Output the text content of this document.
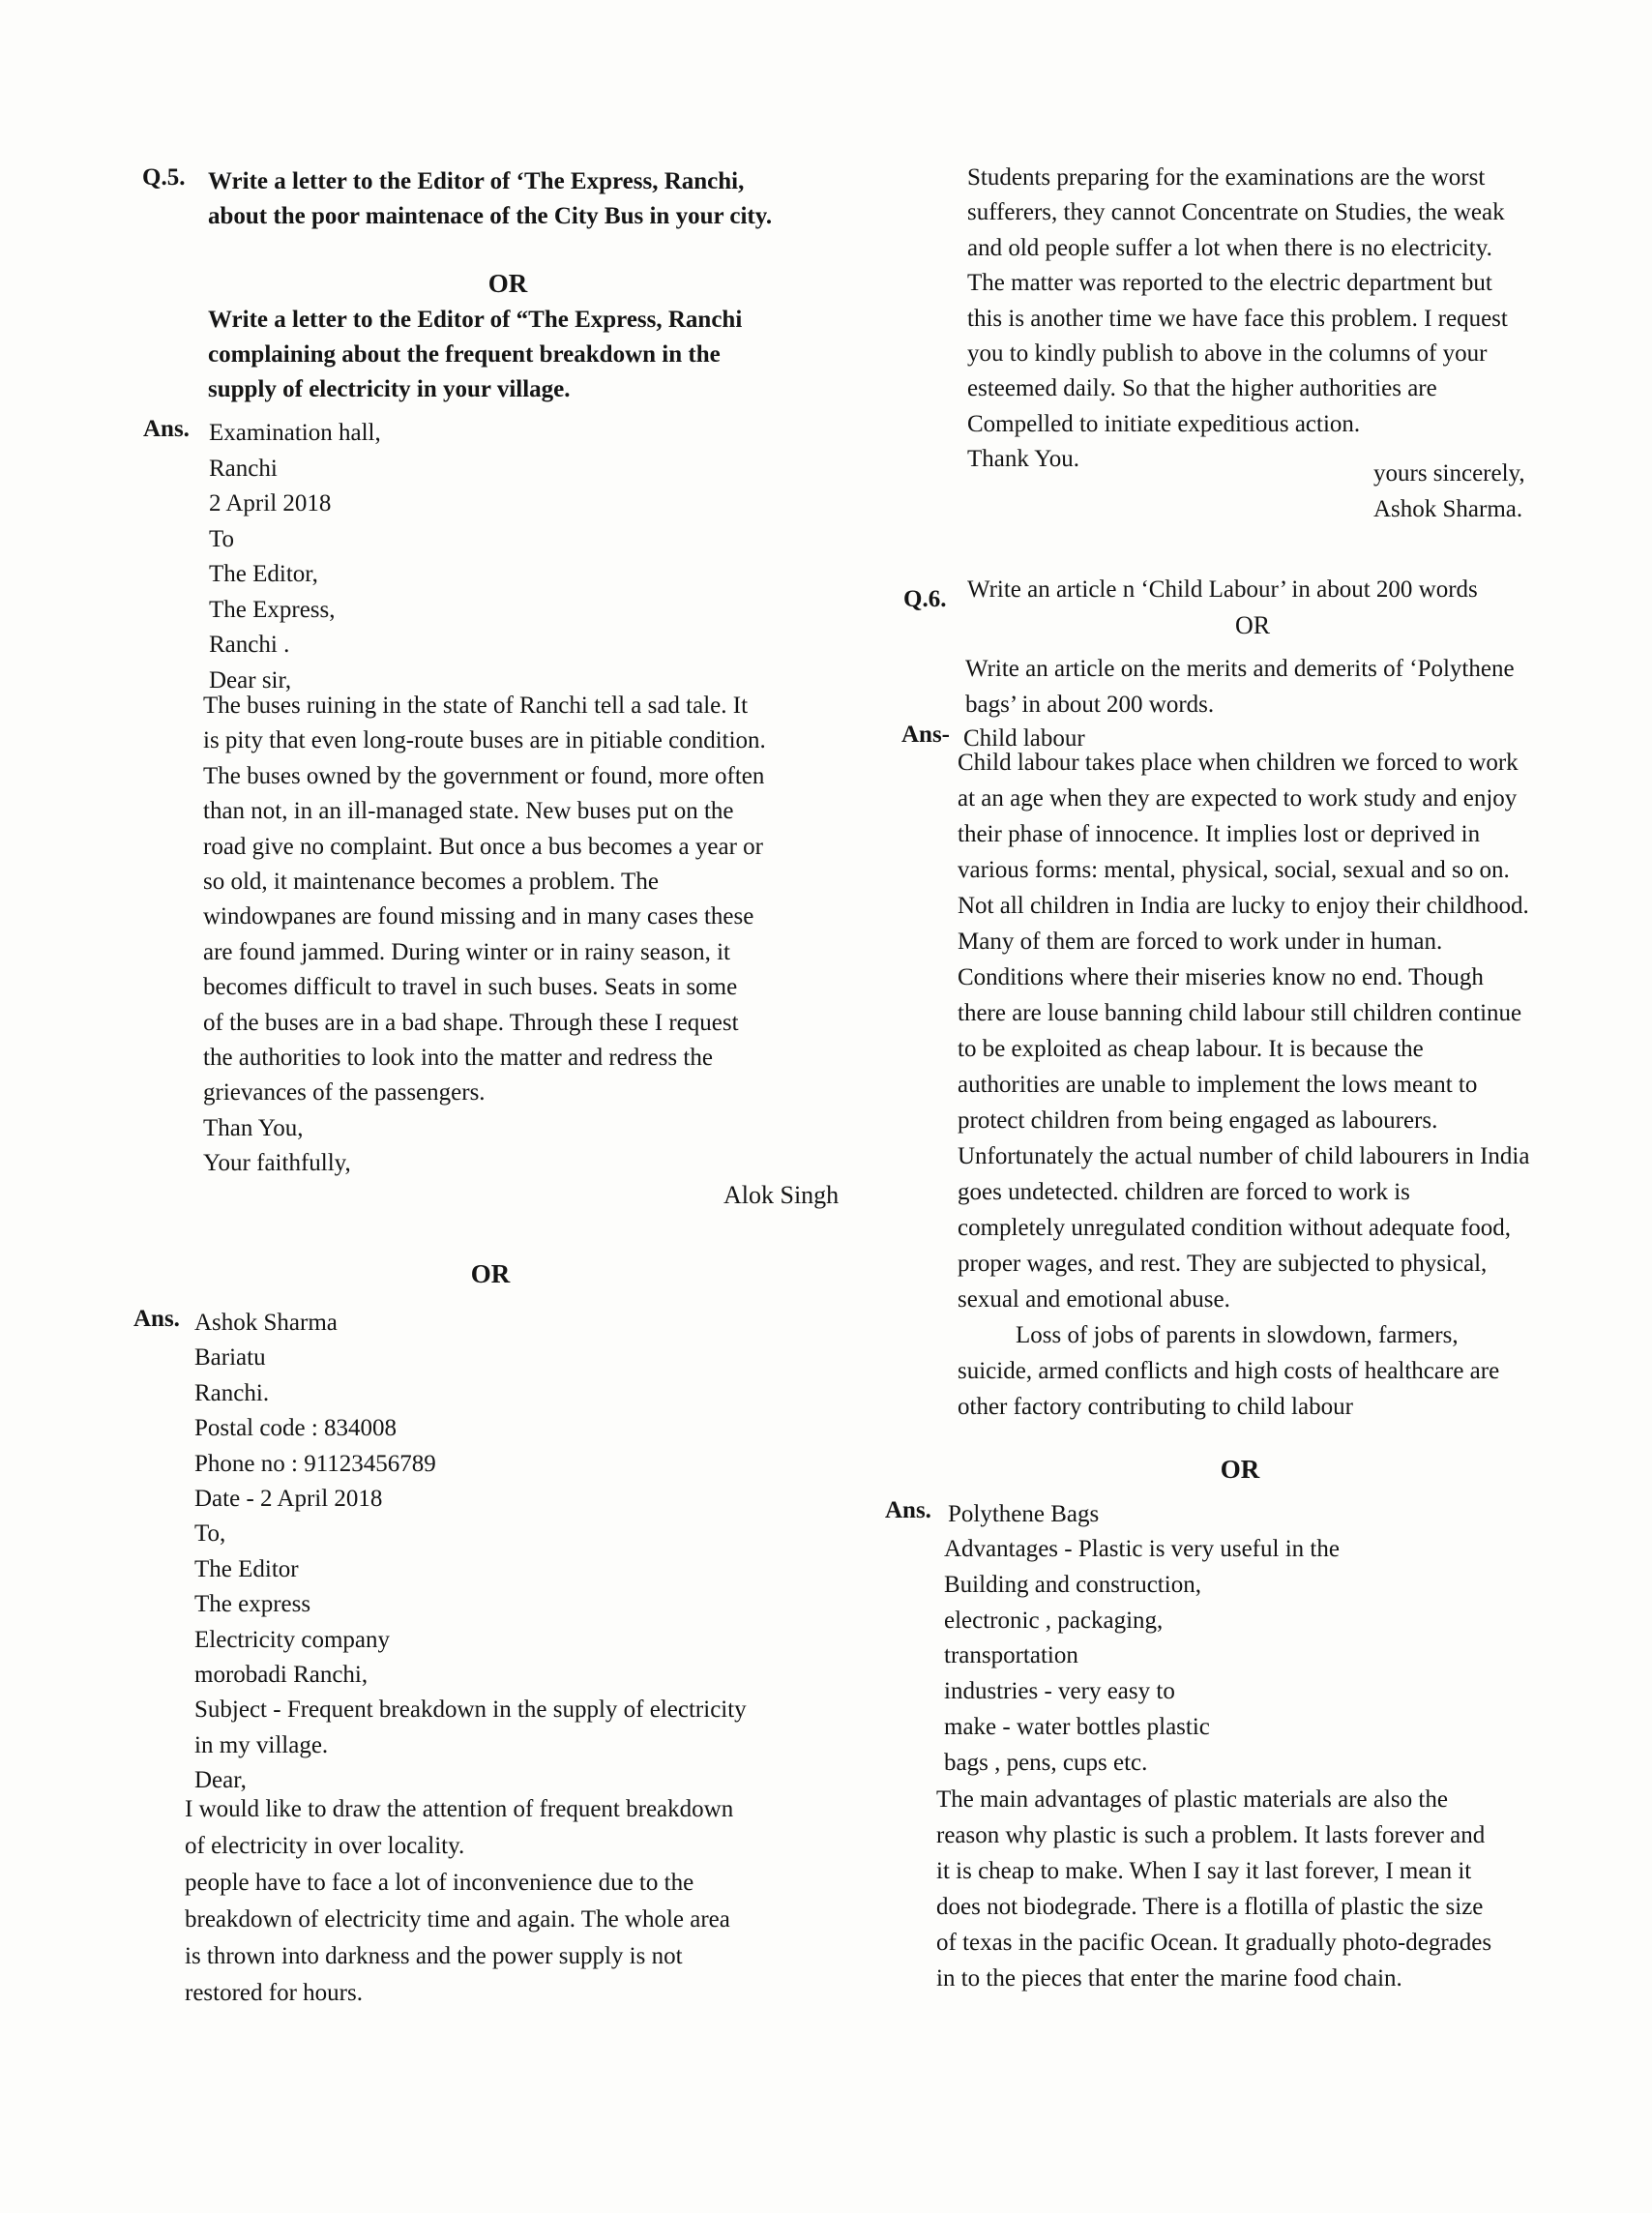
Q.5. Write a letter to the Editor of ‘The Express, Ranchi,
about the poor maintenace of the City Bus in your city.
OR
Write a letter to the Editor of “The Express, Ranchi
complaining about the frequent breakdown in the
supply of electricity in your village.
Ans. Examination hall,
Ranchi
2 April 2018
To
The Editor,
The Express,
Ranchi .
Dear sir,
The buses ruining in the state of Ranchi tell a sad tale. It
is pity that even long-route buses are in pitiable condition.
The buses owned by the government or found, more often
than not, in an ill-managed state. New buses put on the
road give no complaint. But once a bus becomes a year or
so old, it maintenance becomes a problem. The
windowpanes are found missing and in many cases these
are found jammed. During winter or in rainy season, it
becomes difficult to travel in such buses. Seats in some
of the buses are in a bad shape. Through these I request
the authorities to look into the matter and redress the
grievances of the passengers.
Than You,
Your faithfully,
Alok Singh
OR
Ans. Ashok Sharma
Bariatu
Ranchi.
Postal code : 834008
Phone no : 91123456789
Date - 2 April 2018
To,
The Editor
The express
Electricity company
morobadi Ranchi,
Subject - Frequent breakdown in the supply of electricity
in my village.
Dear,
I would like to draw the attention of frequent breakdown
of electricity in over locality.
people have to face a lot of inconvenience due to the
breakdown of electricity time and again. The whole area
is thrown into darkness and the power supply is not
restored for hours.
Students preparing for the examinations are the worst
sufferers, they cannot Concentrate on Studies, the weak
and old people suffer a lot when there is no electricity.
The matter was reported to the electric department but
this is another time we have face this problem. I request
you to kindly publish to above in the columns of your
esteemed daily. So that the higher authorities are
Compelled to initiate expeditious action.
Thank You.
yours sincerely,
Ashok Sharma.
Q.6. Write an article n ‘Child Labour’ in about 200 words
OR
Write an article on the merits and demerits of ‘Polythene
bags’ in about 200 words.
Ans- Child labour
Child labour takes place when children we forced to work
at an age when they are expected to work study and enjoy
their phase of innocence. It implies lost or deprived in
various forms: mental, physical, social, sexual and so on.
Not all children in India are lucky to enjoy their childhood.
Many of them are forced to work under in human.
Conditions where their miseries know no end. Though
there are louse banning child labour still children continue
to be exploited as cheap labour. It is because the
authorities are unable to implement the lows meant to
protect children from being engaged as labourers.
Unfortunately the actual number of child labourers in India
goes undetected. children are forced to work is
completely unregulated condition without adequate food,
proper wages, and rest. They are subjected to physical,
sexual and emotional abuse.
Loss of jobs of parents in slowdown, farmers,
suicide, armed conflicts and high costs of healthcare are
other factory contributing to child labour
OR
Ans. Polythene Bags
Advantages - Plastic is very useful in the
Building and construction,
electronic , packaging,
transportation
industries - very easy to
make - water bottles plastic
bags , pens, cups etc.
The main advantages of plastic materials are also the
reason why plastic is such a problem. It lasts forever and
it is cheap to make. When I say it last forever, I mean it
does not biodegrade. There is a flotilla of plastic the size
of texas in the pacific Ocean. It gradually photo-degrades
in to the pieces that enter the marine food chain.
